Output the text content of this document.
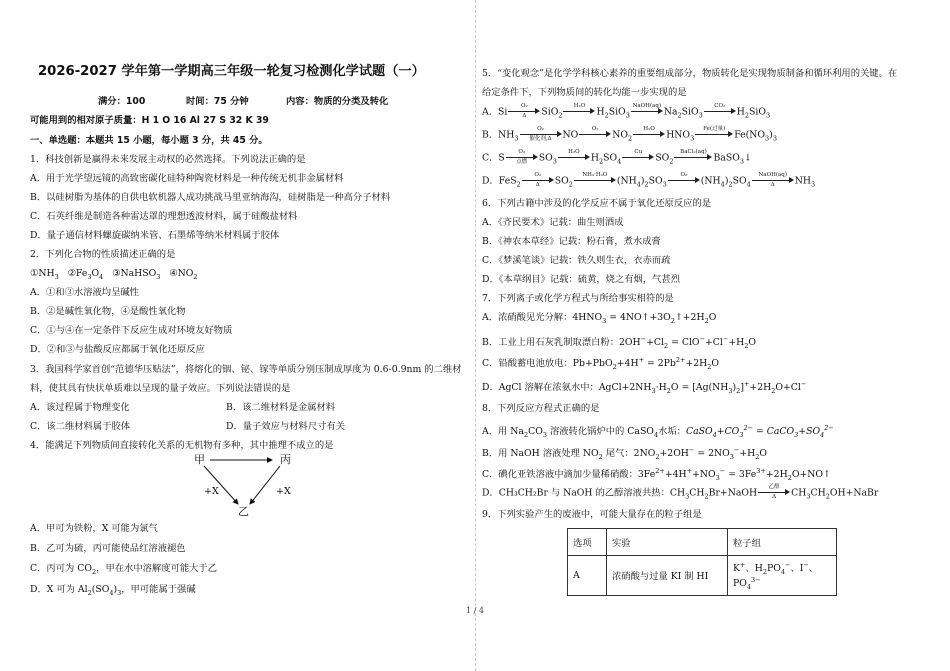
2026-2027 学年第一学期高三年级一轮复习检测化学试题（一）
满分：100	时间：75 分钟	内容：物质的分类及转化
可能用到的相对原子质量：H 1 O 16 Al 27 S 32 K 39
一、单选题：本题共 15 小题，每小题 3 分，共 45 分。
1．科技创新是赢得未来发展主动权的必然选择。下列说法正确的是
A．用于光学望远镜的高致密碳化硅特种陶瓷材料是一种传统无机非金属材料
B．以硅树脂为基体的自供电软机器人成功挑战马里亚纳海沟，硅树脂是一种高分子材料
C．石英纤维是制造各种雷达罩的理想透波材料，属于硅酸盐材料
D．量子通信材料螺旋碳纳米管、石墨烯等纳米材料属于胶体
2．下列化合物的性质描述正确的是
$①NH_3$   $②Fe_3O_4$   ③NaHSO$_3$   $④NO_2$
A．①和③水溶液均呈碱性
B．②是碱性氧化物，④是酸性氧化物
C．①与④在一定条件下反应生成对环境友好物质
D．②和③与盐酸反应都属于氧化还原反应
3．我国科学家首创“范德华压贴法”，将熔化的铟、铋、镓等单质分别压制成厚度为 0.6-0.9nm 的二维材
料，使其具有快状单质难以呈现的量子效应。下列说法错误的是
A．该过程属于物理变化	B．该二维材料是金属材料
C．该二维材料属于胶体	D．量子效应与材料尺寸有关
4．能满足下列物质间直接转化关系的无机物有多种，其中推理不成立的是
甲	丙
乙
+X	+X
A．甲可为铁粉，X 可能为氯气
B．乙可为硫，丙可能使品红溶液褪色
C．丙可为 $CO_2$，甲在水中溶解度可能大于乙
D．X 可为 $Al_2(SO_4)_3$，甲可能属于强碱
5．“变化观念”是化学学科核心素养的重要组成部分，物质转化是实现物质制备和循环利用的关键。在
给定条件下，下列物质间的转化均能一步实现的是
A．Si $\frac{\text{O₂}}{\Delta} SiO_2$
H₂O
$H_2SiO_3$
NaOH(aq)
$Na_2SiO_3$
CO₂
$H_2SiO_3$
B．$NH_3$
O₂
催化剂,Δ	NO
O₂
$NO_2$
H₂O
$HNO_3$
Fe(过量)
$Fe(NO_3)_3$
C．S
O₂
点燃	$SO_3$
H₂O
$H_2SO_4$
Cu
$SO_2$
BaCl₂(aq)
BaSO$_3$↓
D．$FeS_2 \frac{\text{O₂}}{\Delta} SO_2$
NH₃·H₂O
$(NH_4)_2SO_3$
O₂
$(NH_4)_2SO_4$
NaOH(aq)
Δ	$NH_3$
6．下列古籍中涉及的化学反应不属于氧化还原反应的是
A．《齐民要术》记载：曲生则酒成
B．《神农本草经》记载：粉石膏，煮水成膏
C．《梦溪笔谈》记载：铁久则生衣，衣赤而疏
D．《本草纲目》记载：硫黄，烧之有烟，气甚烈
7．下列离子或化学方程式与所给事实相符的是
A．浓硝酸见光分解：$4HNO_3$ = $4NO↑+3O_2↑+2H_2O$
B．工业上用石灰乳制取漂白粉：$2OH^-+Cl_2 = ClO^-+Cl^-+H_2O$
C．铅酸蓄电池放电：$Pb+PbO_2+4H^+ = 2Pb^{2+}+2H_2O$
D．AgCl 溶解在浓氨水中：$AgCl+2NH_3\cdot H_2O = [Ag(NH_3)_2]^++2H_2O+Cl^-$
8．下列反应方程式正确的是
A．用 $Na_2CO_3$ 溶液转化锅炉中的 CaSO$_4$水垢：$CaSO_4+CO_3^{2-}$ = $CaCO_3+SO_4^{2-}$
B．用 NaOH 溶液处理 $NO_2$ 尾气：$2NO_2+2OH^- = 2NO_3^-+H_2O$
C．碘化亚铁溶液中滴加少量稀硝酸：$3Fe^{2+}+4H^++NO_3^-$ = $3Fe^{3+}+2H_2O+NO↑$
D．CH₃CH₂Br 与 NaOH 的乙醇溶液共热：$CH_3CH_2Br+NaOH$
乙醇
Δ	$CH_3CH_2OH+NaBr$
9．下列实验产生的废液中，可能大量存在的粒子组是
选项	实验	粒子组
A	浓硝酸与过量 KI 制 HI	K+、$H_2PO_4^-$、I−、$PO_4^{3-}$
1 / 4
